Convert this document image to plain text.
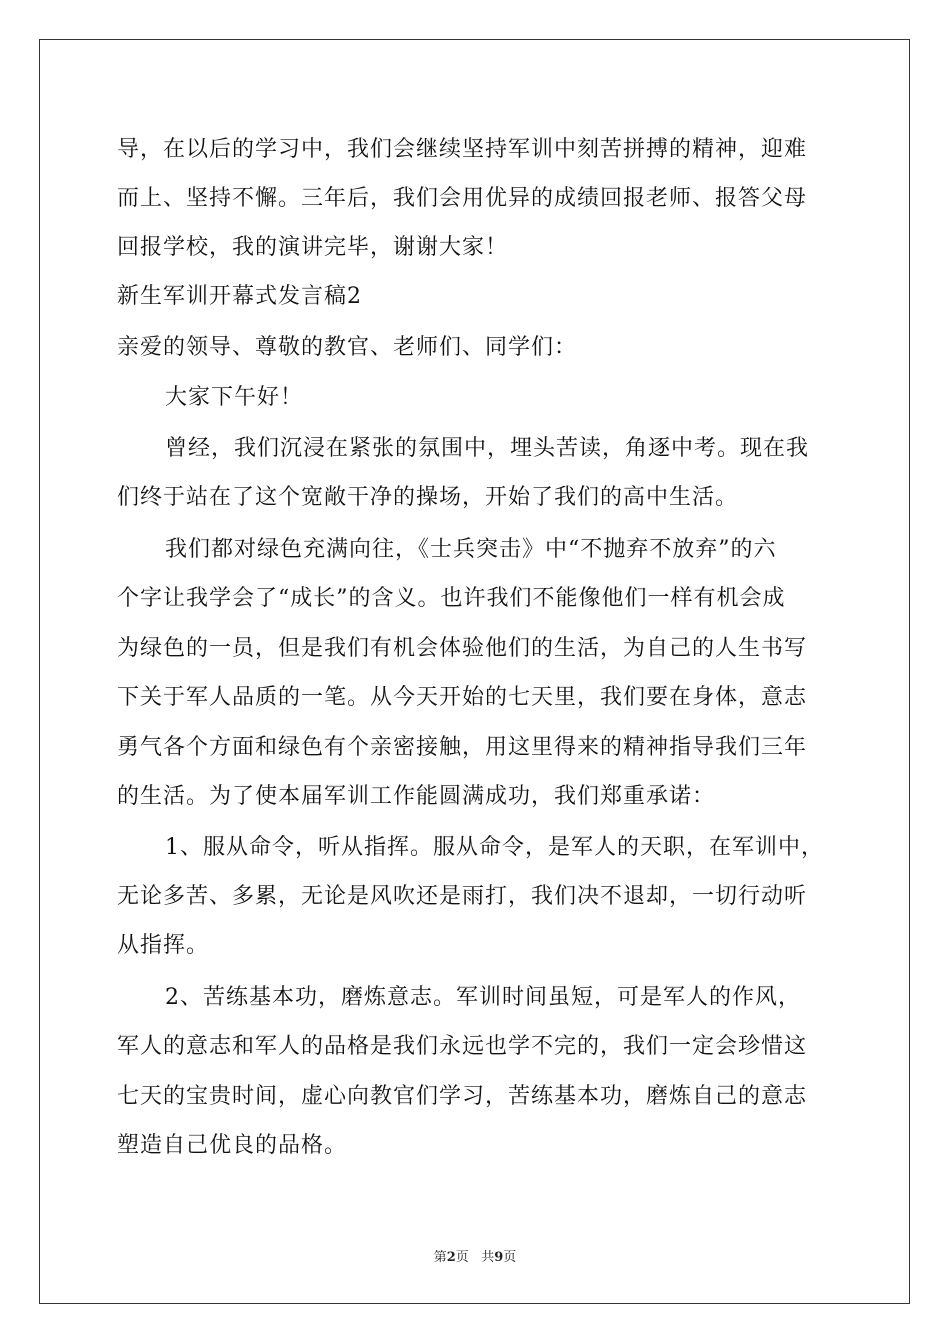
导，在以后的学习中，我们会继续坚持军训中刻苦拼搏的精神，迎难
而上、坚持不懈。三年后，我们会用优异的成绩回报老师、报答父母
回报学校，我的演讲完毕，谢谢大家！
新生军训开幕式发言稿2
亲爱的领导、尊敬的教官、老师们、同学们：
大家下午好！
曾经，我们沉浸在紧张的氛围中，埋头苦读，角逐中考。现在我
们终于站在了这个宽敞干净的操场，开始了我们的高中生活。
我们都对绿色充满向往，《士兵突击》中“不抛弃不放弃”的六
个字让我学会了“成长”的含义。也许我们不能像他们一样有机会成
为绿色的一员，但是我们有机会体验他们的生活，为自己的人生书写
下关于军人品质的一笔。从今天开始的七天里，我们要在身体，意志
勇气各个方面和绿色有个亲密接触，用这里得来的精神指导我们三年
的生活。为了使本届军训工作能圆满成功，我们郑重承诺：
1、服从命令，听从指挥。服从命令，是军人的天职，在军训中，
无论多苦、多累，无论是风吹还是雨打，我们决不退却，一切行动听
从指挥。
2、苦练基本功，磨炼意志。军训时间虽短，可是军人的作风，
军人的意志和军人的品格是我们永远也学不完的，我们一定会珍惜这
七天的宝贵时间，虚心向教官们学习，苦练基本功，磨炼自己的意志
塑造自己优良的品格。
第2页 共9页
